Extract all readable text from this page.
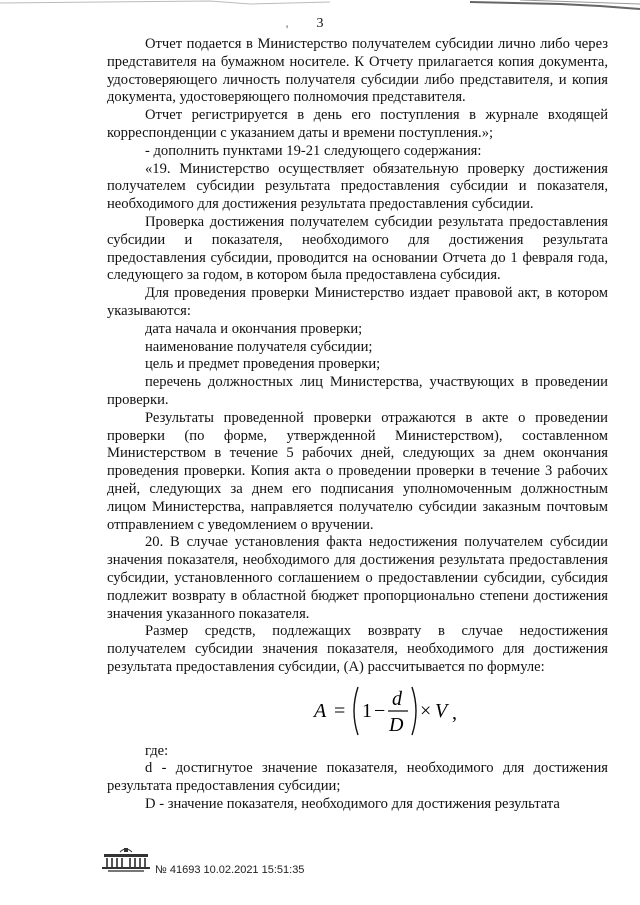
3
'

Отчет подается в Министерство получателем субсидии лично либо через представителя на бумажном носителе. К Отчету прилагается копия документа, удостоверяющего личность получателя субсидии либо представителя, и копия документа, удостоверяющего полномочия представителя.

Отчет регистрируется в день его поступления в журнале входящей корреспонденции с указанием даты и времени поступления.»;

- дополнить пунктами 19-21 следующего содержания:

«19. Министерство осуществляет обязательную проверку достижения получателем субсидии результата предоставления субсидии и показателя, необходимого для достижения результата предоставления субсидии.

Проверка достижения получателем субсидии результата предоставления субсидии и показателя, необходимого для достижения результата предоставления субсидии, проводится на основании Отчета до 1 февраля года, следующего за годом, в котором была предоставлена субсидия.

Для проведения проверки Министерство издает правовой акт, в котором указываются:

дата начала и окончания проверки;

наименование получателя субсидии;

цель и предмет проведения проверки;

перечень должностных лиц Министерства, участвующих в проведении проверки.

Результаты проведенной проверки отражаются в акте о проведении проверки (по форме, утвержденной Министерством), составленном Министерством в течение 5 рабочих дней, следующих за днем окончания проведения проверки. Копия акта о проведении проверки в течение 3 рабочих дней, следующих за днем его подписания уполномоченным должностным лицом Министерства, направляется получателю субсидии заказным почтовым отправлением с уведомлением о вручении.

20. В случае установления факта недостижения получателем субсидии значения показателя, необходимого для достижения результата предоставления субсидии, установленного соглашением о предоставлении субсидии, субсидия подлежит возврату в областной бюджет пропорционально степени достижения значения указанного показателя.

Размер средств, подлежащих возврату в случае недостижения получателем субсидии значения показателя, необходимого для достижения результата предоставления субсидии, (A) рассчитывается по формуле:

A = 1 −
d
D
× V ,

где:

d - достигнутое значение показателя, необходимого для достижения результата предоставления субсидии;

D - значение показателя, необходимого для достижения результата

№ 41693 10.02.2021 15:51:35
